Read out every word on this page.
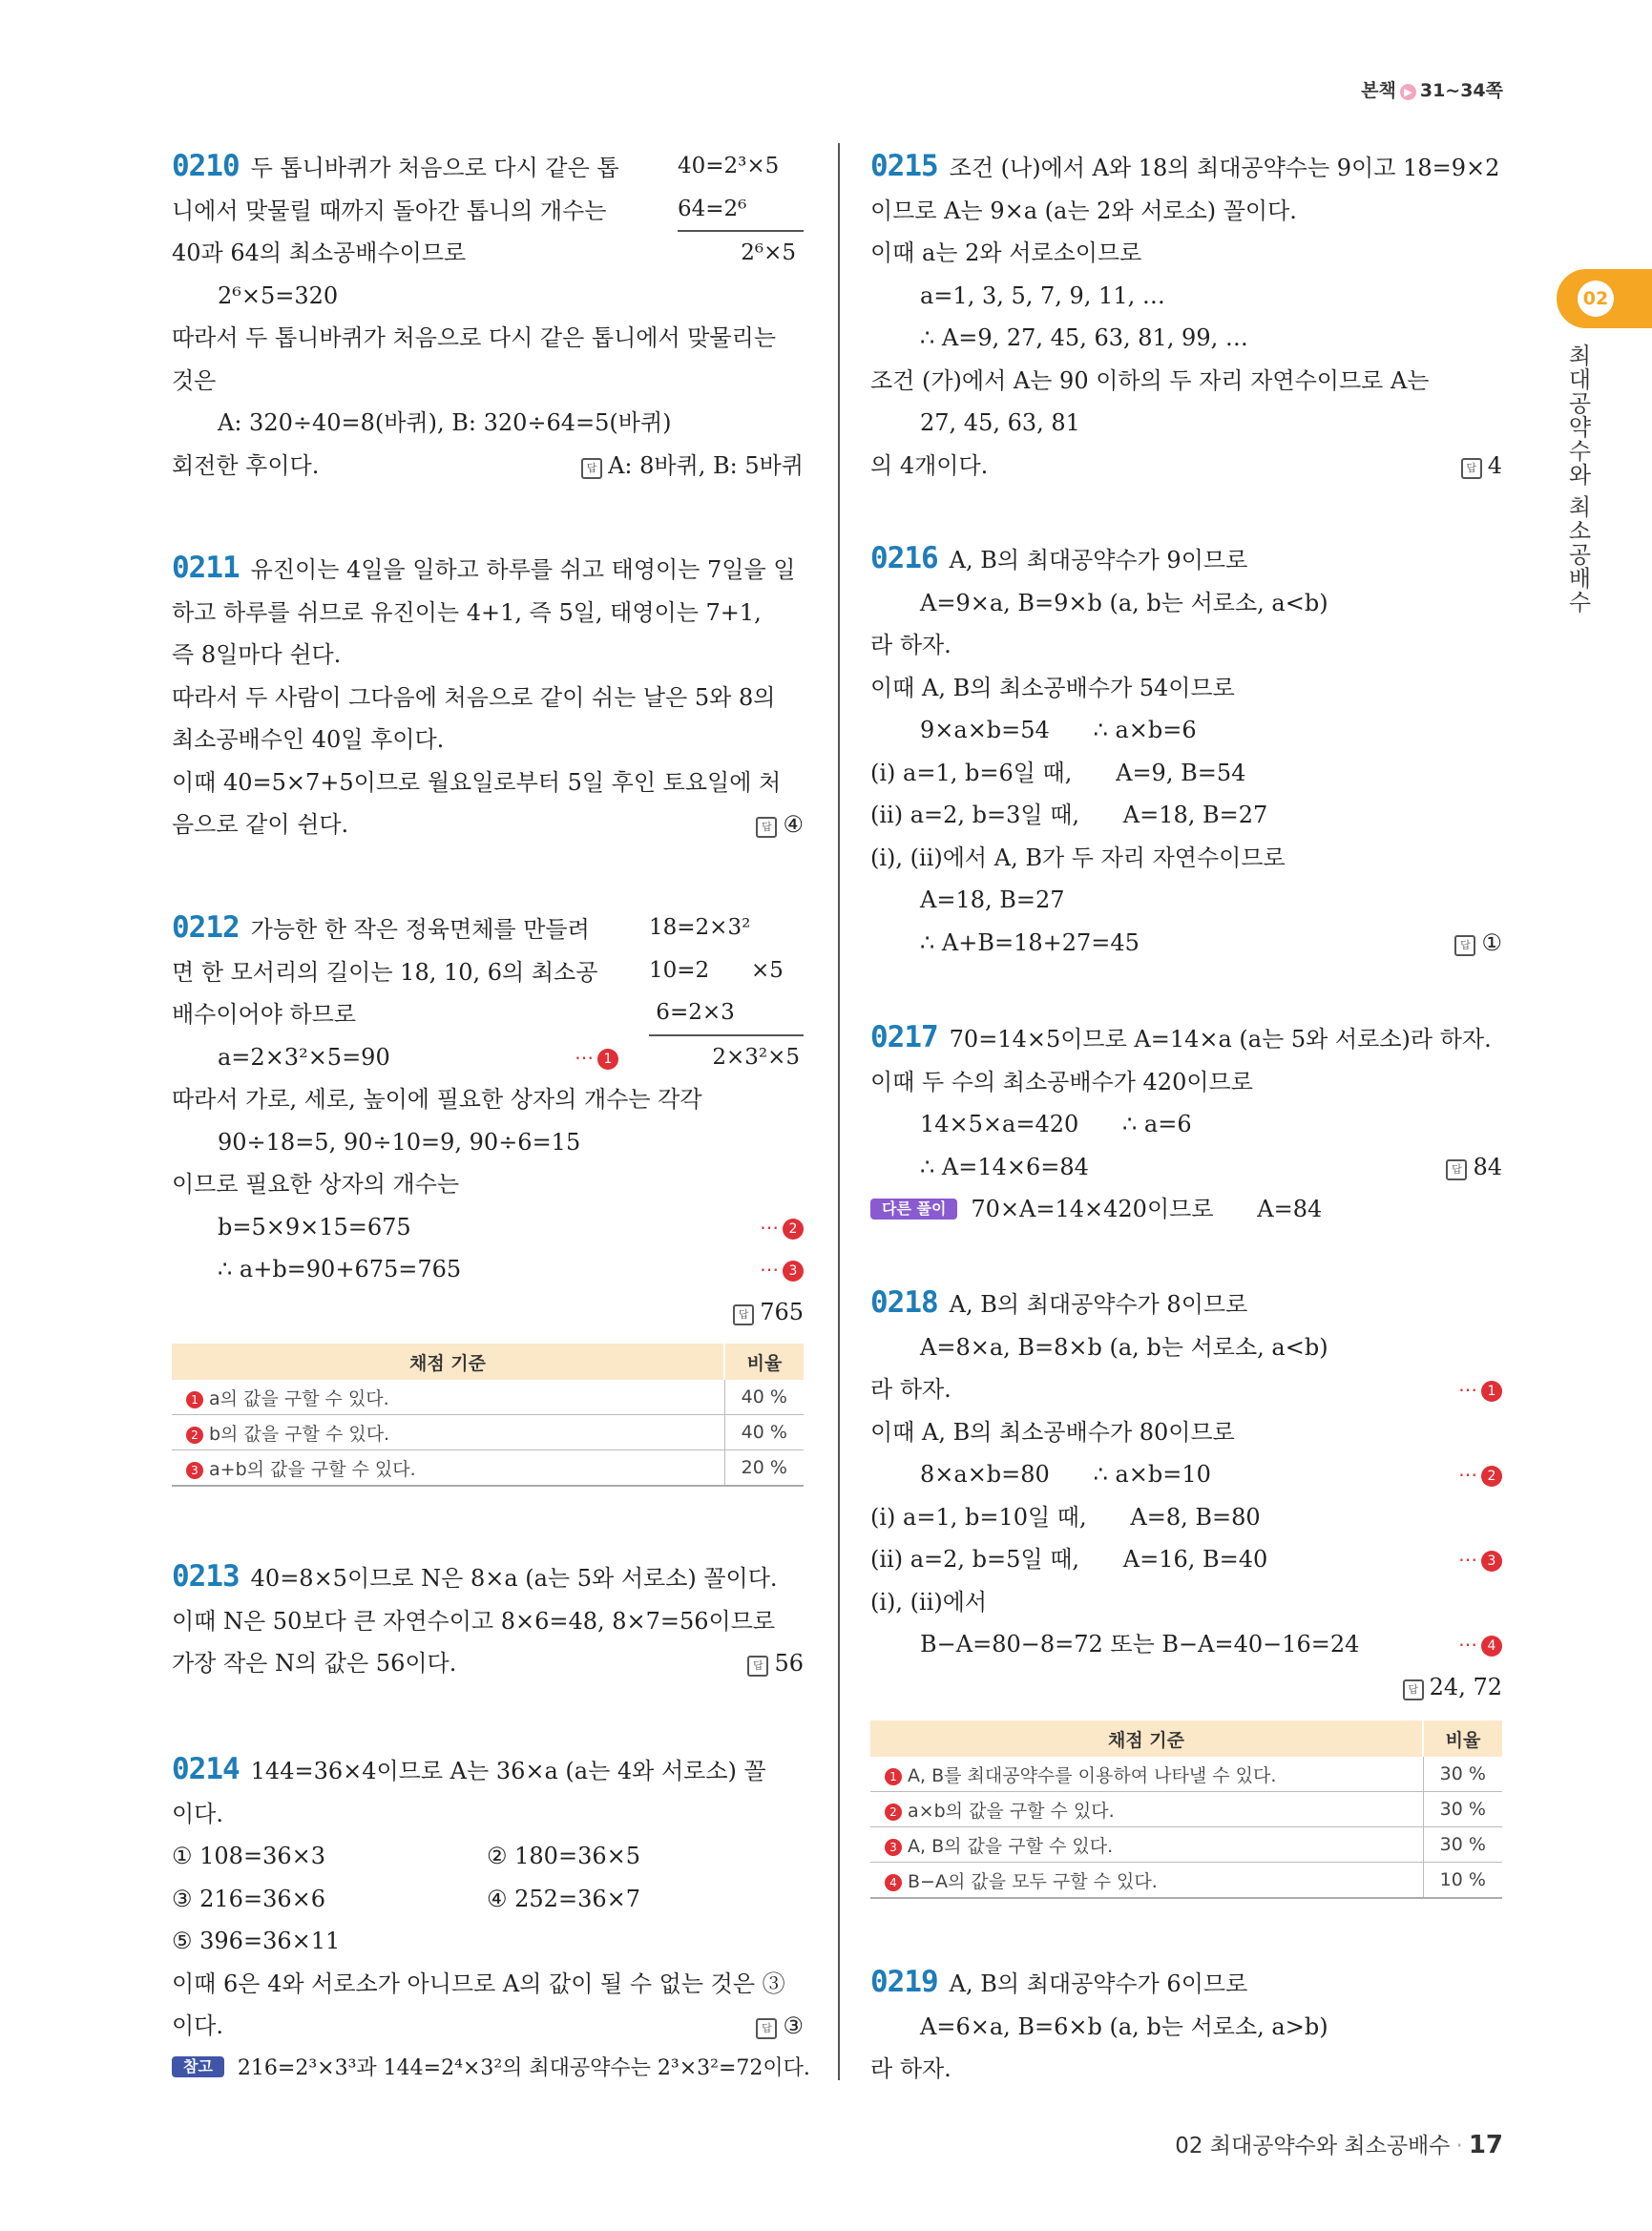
본책 ▶ 31~34쪽
02
최대공약수와 최소공배수

0210 두 톱니바퀴가 처음으로 다시 같은 톱

니에서 맞물릴 때까지 돌아간 톱니의 개수는

40과 64의 최소공배수이므로

2⁶×5=320

따라서 두 톱니바퀴가 처음으로 다시 같은 톱니에서 맞물리는

것은

A: 320÷40=8(바퀴), B: 320÷64=5(바퀴)

회전한 후이다.	답 A: 8바퀴, B: 5바퀴

40=2³×5

64=2⁶

2⁶×5

0211 유진이는 4일을 일하고 하루를 쉬고 태영이는 7일을 일

하고 하루를 쉬므로 유진이는 4+1, 즉 5일, 태영이는 7+1,

즉 8일마다 쉰다.

따라서 두 사람이 그다음에 처음으로 같이 쉬는 날은 5와 8의

최소공배수인 40일 후이다.

이때 40=5×7+5이므로 월요일로부터 5일 후인 토요일에 처

음으로 같이 쉰다.	답 ④

0212 가능한 한 작은 정육면체를 만들려

면 한 모서리의 길이는 18, 10, 6의 최소공

배수이어야 하므로

a=2×3²×5=90	⋯ 1

따라서 가로, 세로, 높이에 필요한 상자의 개수는 각각

90÷18=5, 90÷10=9, 90÷6=15

이므로 필요한 상자의 개수는

b=5×9×15=675	⋯ 2

∴ a+b=90+675=765	⋯ 3

답 765

18=2×3²

10=2      ×5

6=2×3

2×3²×5

채점 기준	비율
1 a의 값을 구할 수 있다.	40 %
2 b의 값을 구할 수 있다.	40 %
3 a+b의 값을 구할 수 있다.	20 %

0213 40=8×5이므로 N은 8×a (a는 5와 서로소) 꼴이다.

이때 N은 50보다 큰 자연수이고 8×6=48, 8×7=56이므로

가장 작은 N의 값은 56이다.	답 56

0214 144=36×4이므로 A는 36×a (a는 4와 서로소) 꼴

이다.

① 108=36×3	② 180=36×5

③ 216=36×6	④ 252=36×7

⑤ 396=36×11

이때 6은 4와 서로소가 아니므로 A의 값이 될 수 없는 것은 ③

이다.	답 ③

참고 216=2³×3³과 144=2⁴×3²의 최대공약수는 2³×3²=72이다.

0215 조건 (나)에서 A와 18의 최대공약수는 9이고 18=9×2

이므로 A는 9×a (a는 2와 서로소) 꼴이다.

이때 a는 2와 서로소이므로

a=1, 3, 5, 7, 9, 11, …

∴ A=9, 27, 45, 63, 81, 99, …

조건 (가)에서 A는 90 이하의 두 자리 자연수이므로 A는

27, 45, 63, 81

의 4개이다.	답 4

0216 A, B의 최대공약수가 9이므로

A=9×a, B=9×b (a, b는 서로소, a<b)

라 하자.

이때 A, B의 최소공배수가 54이므로

9×a×b=54      ∴ a×b=6

(ⅰ) a=1, b=6일 때,      A=9, B=54

(ⅱ) a=2, b=3일 때,      A=18, B=27

(ⅰ), (ⅱ)에서 A, B가 두 자리 자연수이므로

A=18, B=27

∴ A+B=18+27=45	답 ①

0217 70=14×5이므로 A=14×a (a는 5와 서로소)라 하자.

이때 두 수의 최소공배수가 420이므로

14×5×a=420      ∴ a=6

∴ A=14×6=84	답 84

다른 풀이 70×A=14×420이므로      A=84

0218 A, B의 최대공약수가 8이므로

A=8×a, B=8×b (a, b는 서로소, a<b)

라 하자.	⋯ 1

이때 A, B의 최소공배수가 80이므로

8×a×b=80      ∴ a×b=10	⋯ 2

(ⅰ) a=1, b=10일 때,      A=8, B=80

(ⅱ) a=2, b=5일 때,      A=16, B=40	⋯ 3

(ⅰ), (ⅱ)에서

B−A=80−8=72 또는 B−A=40−16=24	⋯ 4

답 24, 72

채점 기준	비율
1 A, B를 최대공약수를 이용하여 나타낼 수 있다.	30 %
2 a×b의 값을 구할 수 있다.	30 %
3 A, B의 값을 구할 수 있다.	30 %
4 B−A의 값을 모두 구할 수 있다.	10 %

0219 A, B의 최대공약수가 6이므로

A=6×a, B=6×b (a, b는 서로소, a>b)

라 하자.

02 최대공약수와 최소공배수 · 17
